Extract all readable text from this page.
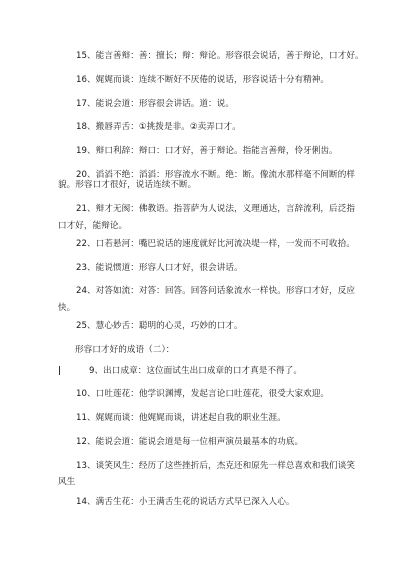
15、能言善辩：善：擅长；辩：辩论。形容很会说话，善于辩论，口才好。
16、娓娓而谈：连续不断好不厌倦的说话，形容说话十分有精神。
17、能说会道：形容很会讲话。道：说。
18、搬唇弄舌：①挑拨是非。②卖弄口才。
19、辩口利辞：辩口：口才好，善于辩论。指能言善辩，伶牙俐齿。
20、滔滔不绝：滔滔：形容流水不断。绝：断。像流水那样毫不间断的样
貌。形容口才很好，说话连续不断。
21、辩才无阂：佛教语。指菩萨为人说法，义理通达，言辞流利，后泛指
口才好，能辩论。
22、口若悬河：嘴巴说话的速度就好比河流决堤一样，一发而不可收拾。
23、能说惯道：形容人口才好，很会讲话。
24、对答如流：对答：回答。回答问话象流水一样快。形容口才好，反应
快。
25、慧心妙舌：聪明的心灵，巧妙的口才。
形容口才好的成语（二）：
9、出口成章：这位面试生出口成章的口才真是不得了。
10、口吐莲花：他学识渊博，发起言论口吐莲花，很受大家欢迎。
11、娓娓而谈：他娓娓而谈，讲述起自我的职业生涯。
12、能说会道：能说会道是每一位相声演员最基本的功底。
13、谈笑风生：经历了这些挫折后，杰克还和原先一样总喜欢和我们谈笑
风生
14、满舌生花：小王满舌生花的说话方式早已深入人心。
